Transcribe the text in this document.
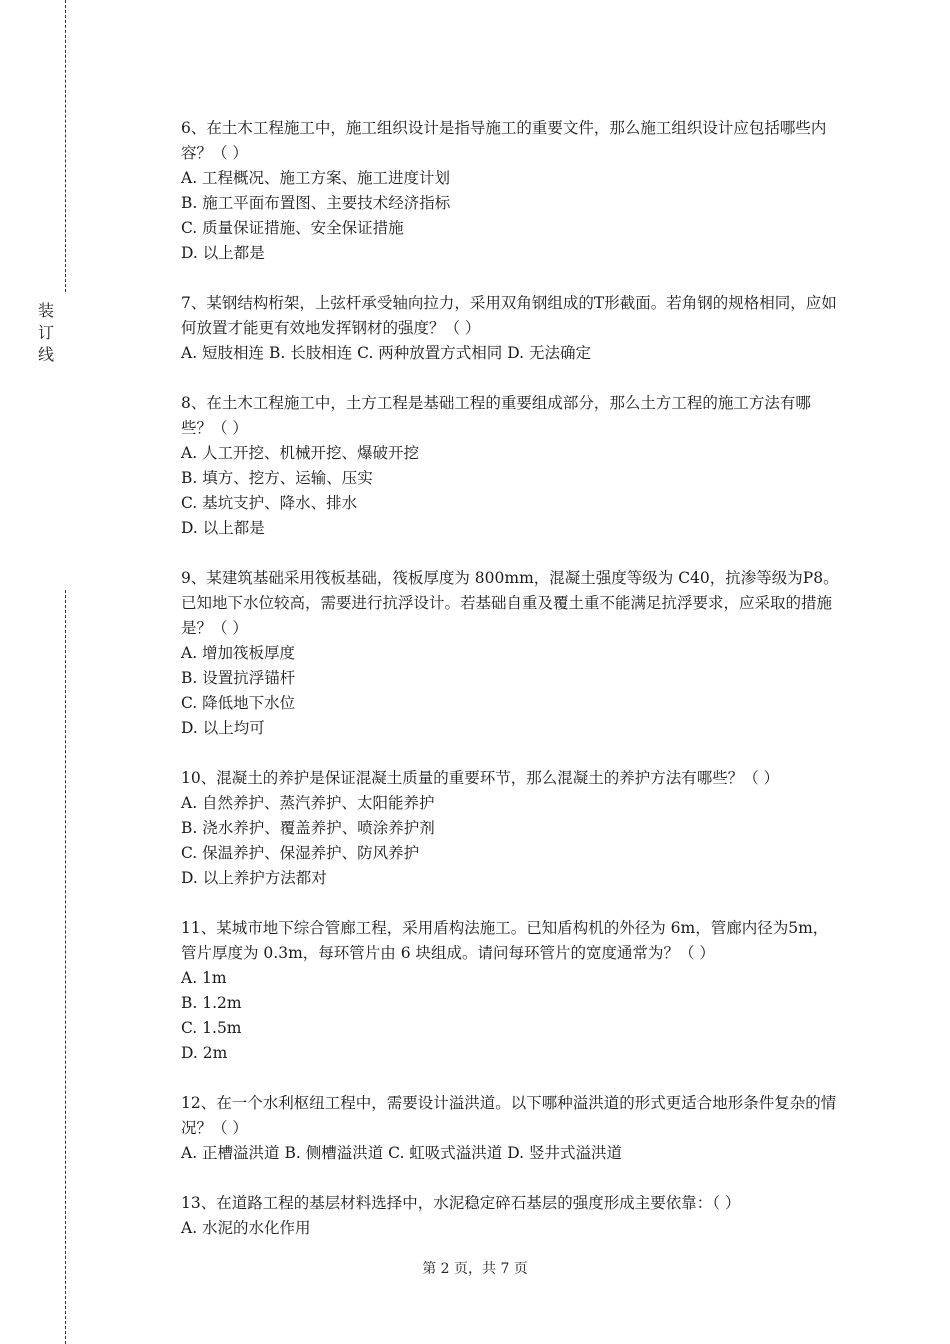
装
订
线

6、在土木工程施工中，施工组织设计是指导施工的重要文件，那么施工组织设计应包括哪些内容？（ ）

A. 工程概况、施工方案、施工进度计划

B. 施工平面布置图、主要技术经济指标

C. 质量保证措施、安全保证措施

D. 以上都是

7、某钢结构桁架，上弦杆承受轴向拉力，采用双角钢组成的T形截面。若角钢的规格相同，应如何放置才能更有效地发挥钢材的强度？（ ）

A. 短肢相连 B. 长肢相连 C. 两种放置方式相同 D. 无法确定

8、在土木工程施工中，土方工程是基础工程的重要组成部分，那么土方工程的施工方法有哪些？（ ）

A. 人工开挖、机械开挖、爆破开挖

B. 填方、挖方、运输、压实

C. 基坑支护、降水、排水

D. 以上都是

9、某建筑基础采用筏板基础，筏板厚度为 800mm，混凝土强度等级为 C40，抗渗等级为P8。已知地下水位较高，需要进行抗浮设计。若基础自重及覆土重不能满足抗浮要求，应采取的措施是？（ ）

A. 增加筏板厚度

B. 设置抗浮锚杆

C. 降低地下水位

D. 以上均可

10、混凝土的养护是保证混凝土质量的重要环节，那么混凝土的养护方法有哪些？（ ）

A. 自然养护、蒸汽养护、太阳能养护

B. 浇水养护、覆盖养护、喷涂养护剂

C. 保温养护、保湿养护、防风养护

D. 以上养护方法都对

11、某城市地下综合管廊工程，采用盾构法施工。已知盾构机的外径为 6m，管廊内径为5m，管片厚度为 0.3m，每环管片由 6 块组成。请问每环管片的宽度通常为？（ ）

A. 1m

B. 1.2m

C. 1.5m

D. 2m

12、在一个水利枢纽工程中，需要设计溢洪道。以下哪种溢洪道的形式更适合地形条件复杂的情况？（ ）

A. 正槽溢洪道 B. 侧槽溢洪道 C. 虹吸式溢洪道 D. 竖井式溢洪道

13、在道路工程的基层材料选择中，水泥稳定碎石基层的强度形成主要依靠：（ ）

A. 水泥的水化作用

第 2 页，共 7 页
